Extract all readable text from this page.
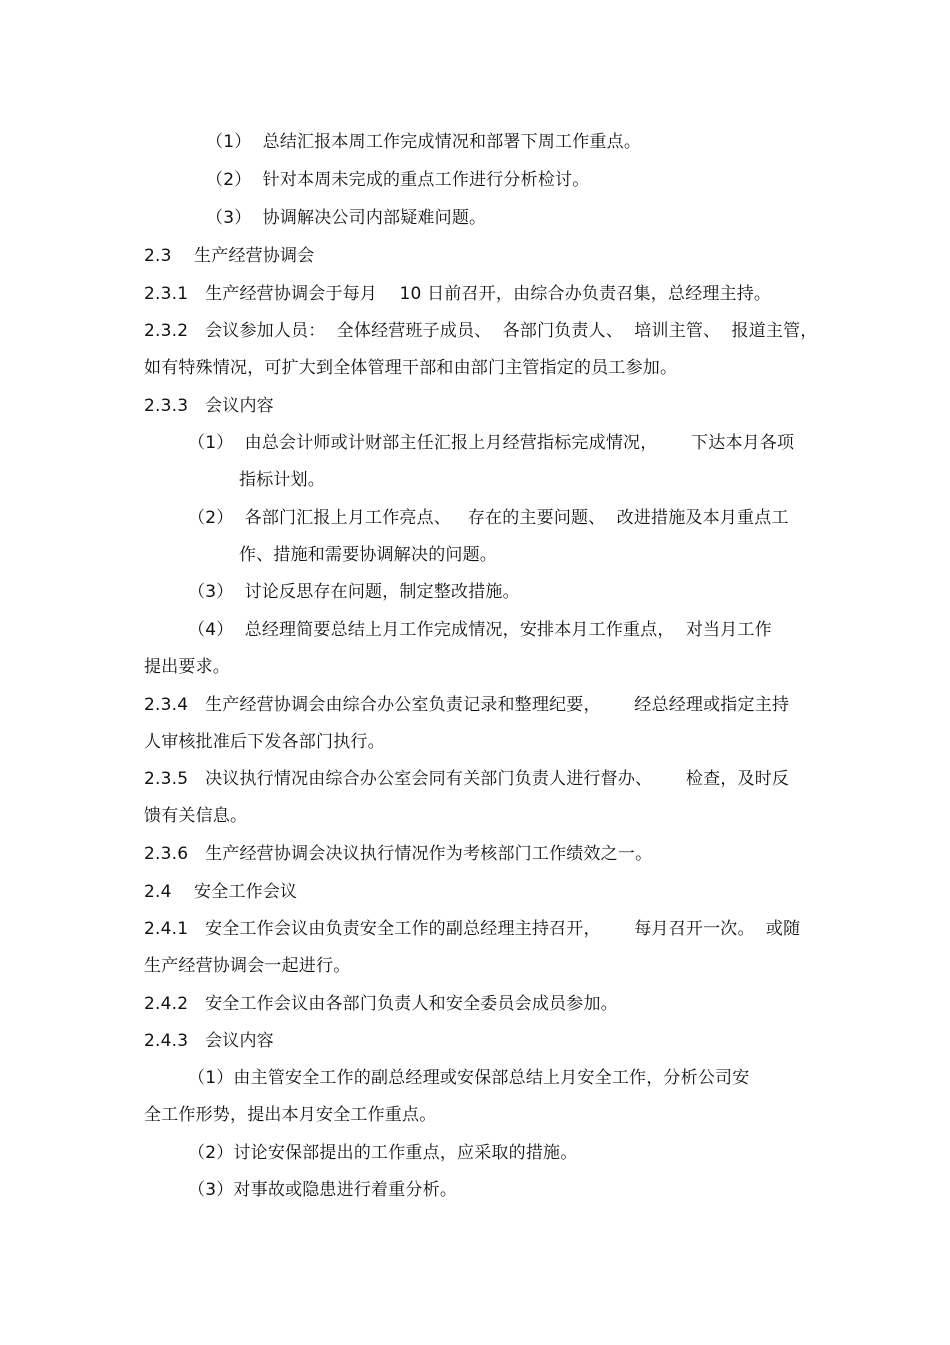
（1）  总结汇报本周工作完成情况和部署下周工作重点。
（2）  针对本周未完成的重点工作进行分析检讨。
（3）  协调解决公司内部疑难问题。
2.3    生产经营协调会
2.3.1   生产经营协调会于每月    10 日前召开，由综合办负责召集，总经理主持。
2.3.2   会议参加人员：  全体经营班子成员、  各部门负责人、  培训主管、  报道主管，
如有特殊情况，可扩大到全体管理干部和由部门主管指定的员工参加。
2.3.3   会议内容
（1）  由总会计师或计财部主任汇报上月经营指标完成情况，      下达本月各项
指标计划。
（2）  各部门汇报上月工作亮点、   存在的主要问题、  改进措施及本月重点工
作、措施和需要协调解决的问题。
（3）  讨论反思存在问题，制定整改措施。
（4）  总经理简要总结上月工作完成情况，安排本月工作重点，  对当月工作
提出要求。
2.3.4   生产经营协调会由综合办公室负责记录和整理纪要，      经总经理或指定主持
人审核批准后下发各部门执行。
2.3.5   决议执行情况由综合办公室会同有关部门负责人进行督办、      检查，及时反
馈有关信息。
2.3.6   生产经营协调会决议执行情况作为考核部门工作绩效之一。
2.4    安全工作会议
2.4.1   安全工作会议由负责安全工作的副总经理主持召开，      每月召开一次。  或随
生产经营协调会一起进行。
2.4.2   安全工作会议由各部门负责人和安全委员会成员参加。
2.4.3   会议内容
（1）由主管安全工作的副总经理或安保部总结上月安全工作，分析公司安
全工作形势，提出本月安全工作重点。
（2）讨论安保部提出的工作重点，应采取的措施。
（3）对事故或隐患进行着重分析。
